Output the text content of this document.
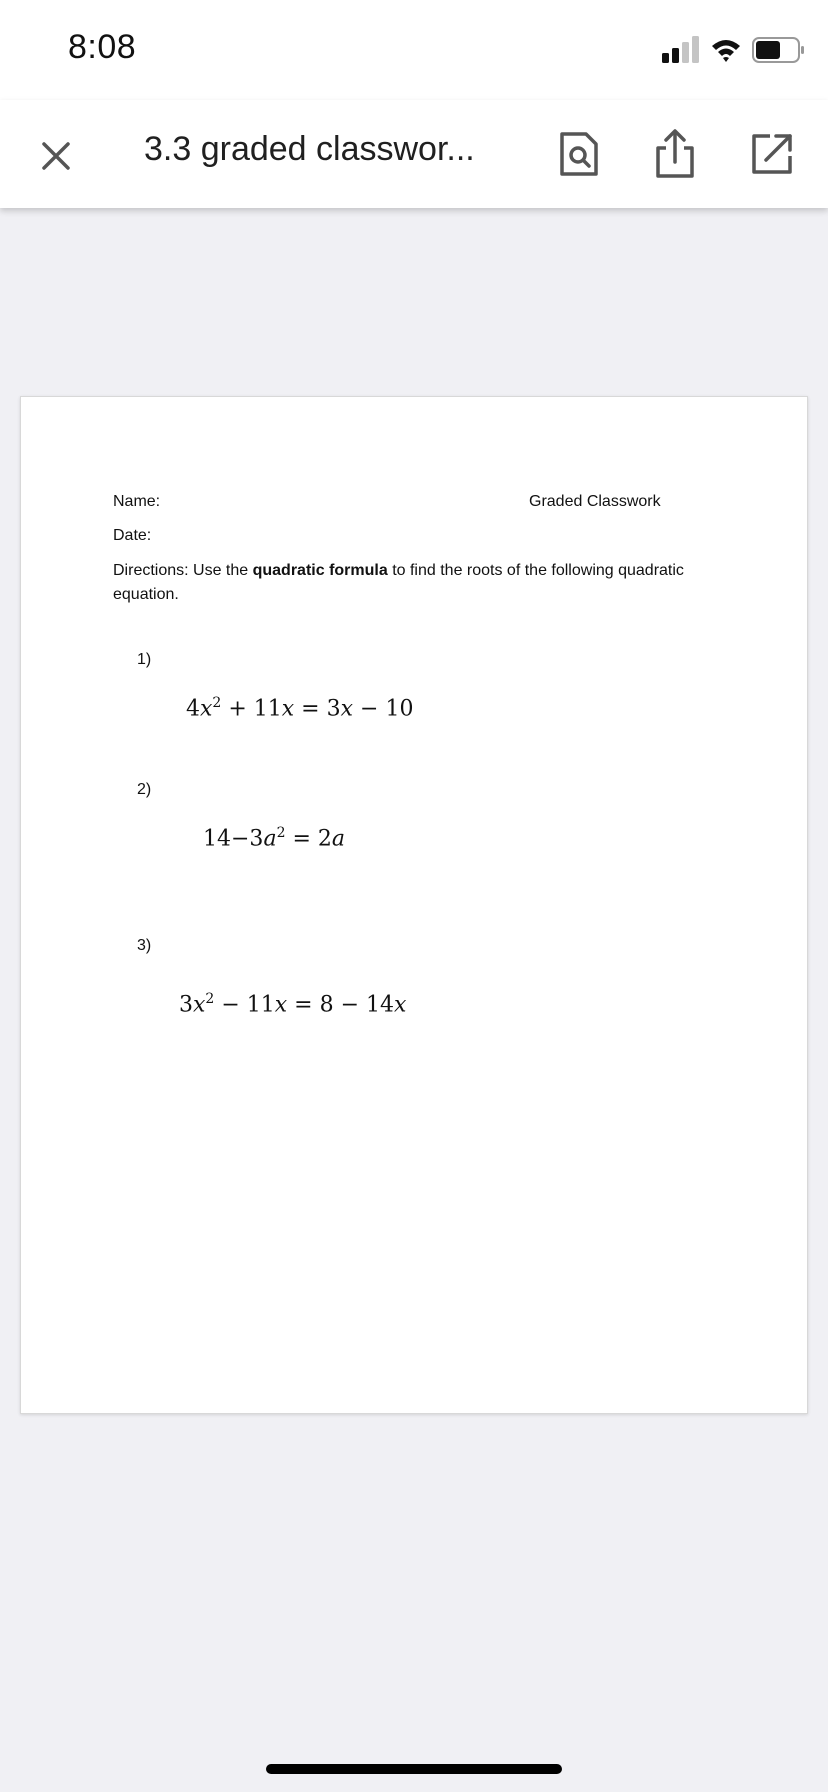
8:08
3.3 graded classwor...
Name:	Graded Classwork
Date:
Directions: Use the quadratic formula to find the roots of the following quadratic equation.
1)
$4x^2 + 11x = 3x - 10$
2)
$14-3a^2 = 2a$
3)
$3x^2 - 11x = 8 - 14x$
